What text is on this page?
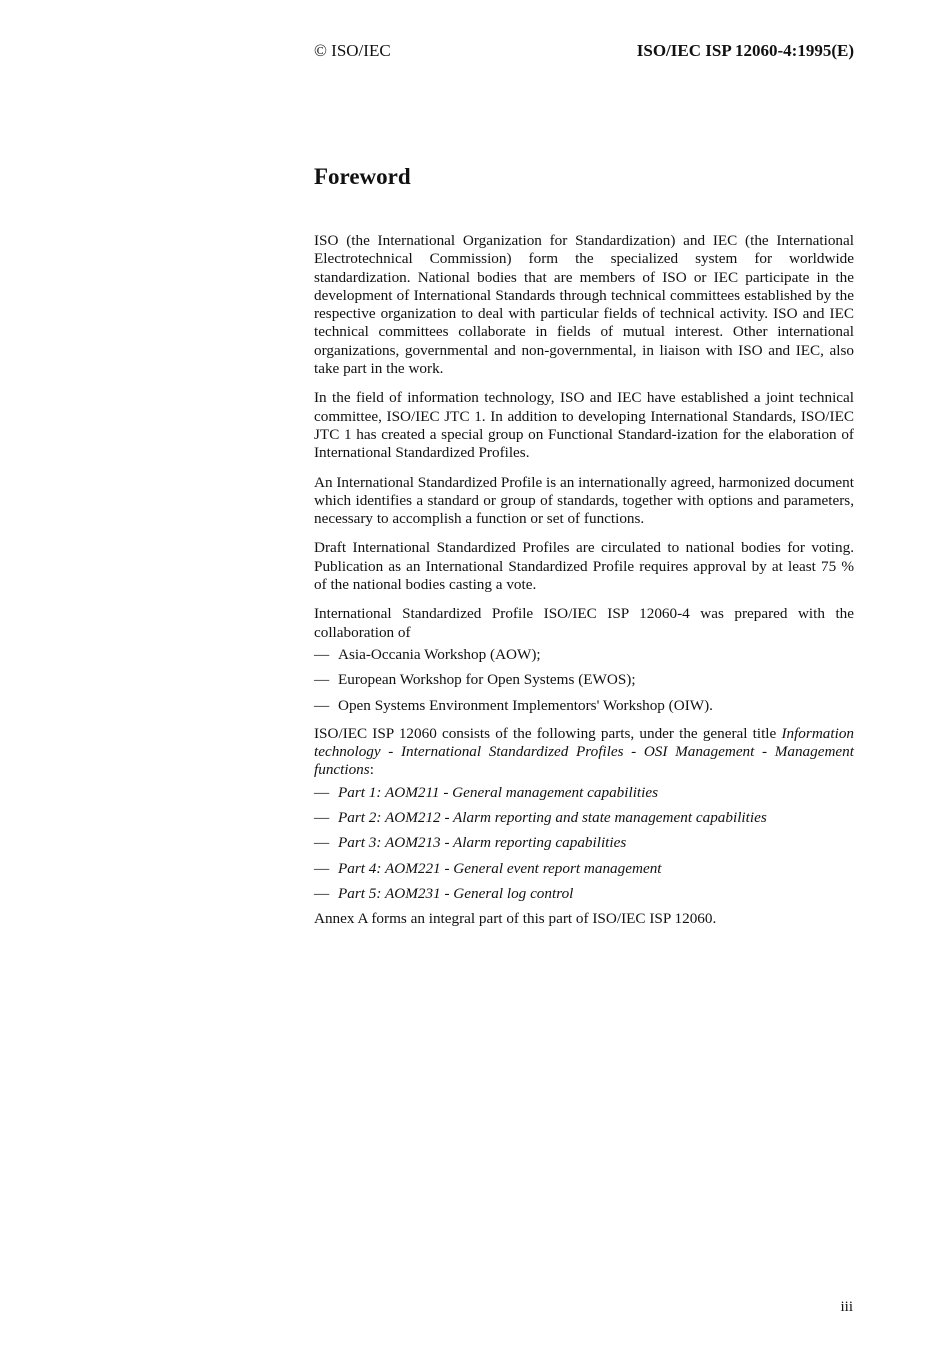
© ISO/IEC	ISO/IEC ISP 12060-4:1995(E)
Foreword

ISO (the International Organization for Standardization) and IEC (the International Electrotechnical Commission) form the specialized system for worldwide standardization. National bodies that are members of ISO or IEC participate in the development of International Standards through technical committees established by the respective organization to deal with particular fields of technical activity. ISO and IEC technical committees collaborate in fields of mutual interest. Other international organizations, governmental and non-governmental, in liaison with ISO and IEC, also take part in the work.

In the field of information technology, ISO and IEC have established a joint technical committee, ISO/IEC JTC 1. In addition to developing International Standards, ISO/IEC JTC 1 has created a special group on Functional Standard-ization for the elaboration of International Standardized Profiles.

An International Standardized Profile is an internationally agreed, harmonized document which identifies a standard or group of standards, together with options and parameters, necessary to accomplish a function or set of functions.

Draft International Standardized Profiles are circulated to national bodies for voting. Publication as an International Standardized Profile requires approval by at least 75 % of the national bodies casting a vote.

International Standardized Profile ISO/IEC ISP 12060-4 was prepared with the collaboration of

— Asia-Occania Workshop (AOW);
— European Workshop for Open Systems (EWOS);
— Open Systems Environment Implementors' Workshop (OIW).

ISO/IEC ISP 12060 consists of the following parts, under the general title Information technology - International Standardized Profiles - OSI Management - Management functions:

— Part 1: AOM211 - General management capabilities
— Part 2: AOM212 - Alarm reporting and state management capabilities
— Part 3: AOM213 - Alarm reporting capabilities
— Part 4: AOM221 - General event report management
— Part 5: AOM231 - General log control

Annex A forms an integral part of this part of ISO/IEC ISP 12060.

iii
